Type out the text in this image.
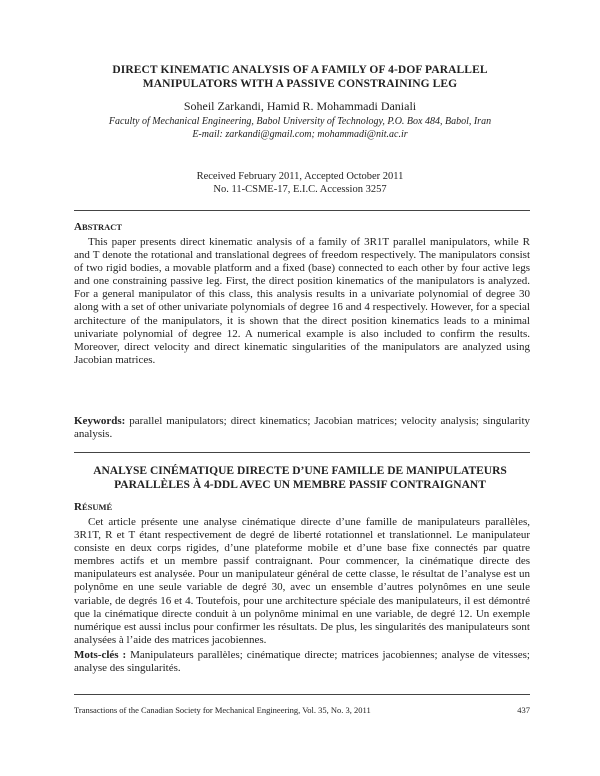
DIRECT KINEMATIC ANALYSIS OF A FAMILY OF 4-DOF PARALLEL
MANIPULATORS WITH A PASSIVE CONSTRAINING LEG
Soheil Zarkandi, Hamid R. Mohammadi Daniali
Faculty of Mechanical Engineering, Babol University of Technology, P.O. Box 484, Babol, Iran
E-mail: zarkandi@gmail.com; mohammadi@nit.ac.ir
Received February 2011, Accepted October 2011
No. 11-CSME-17, E.I.C. Accession 3257
ABSTRACT
This paper presents direct kinematic analysis of a family of 3R1T parallel manipulators, while R and T denote the rotational and translational degrees of freedom respectively. The manipulators consist of two rigid bodies, a movable platform and a fixed (base) connected to each other by four active legs and one constraining passive leg. First, the direct position kinematics of the manipulators is analyzed. For a general manipulator of this class, this analysis results in a univariate polynomial of degree 30 along with a set of other univariate polynomials of degree 16 and 4 respectively. However, for a special architecture of the manipulators, it is shown that the direct position kinematics leads to a minimal univariate polynomial of degree 12. A numerical example is also included to confirm the results. Moreover, direct velocity and direct kinematic singularities of the manipulators are analyzed using Jacobian matrices.
Keywords: parallel manipulators; direct kinematics; Jacobian matrices; velocity analysis; singularity analysis.
ANALYSE CINÉMATIQUE DIRECTE D’UNE FAMILLE DE MANIPULATEURS
PARALLÈLES À 4-DDL AVEC UN MEMBRE PASSIF CONTRAIGNANT
RÉSUMÉ
Cet article présente une analyse cinématique directe d’une famille de manipulateurs parallèles, 3R1T, R et T étant respectivement de degré de liberté rotationnel et translationnel. Le manipulateur consiste en deux corps rigides, d’une plateforme mobile et d’une base fixe connectés par quatre membres actifs et un membre passif contraignant. Pour commencer, la cinématique directe des manipulateurs est analysée. Pour un manipulateur général de cette classe, le résultat de l’analyse est un polynôme en une seule variable de degré 30, avec un ensemble d’autres polynômes en une seule variable, de degrés 16 et 4. Toutefois, pour une architecture spéciale des manipulateurs, il est démontré que la cinématique directe conduit à un polynôme minimal en une variable, de degré 12. Un exemple numérique est aussi inclus pour confirmer les résultats. De plus, les singularités des manipulateurs sont analysées à l’aide des matrices jacobiennes.
Mots-clés : Manipulateurs parallèles; cinématique directe; matrices jacobiennes; analyse de vitesses; analyse des singularités.
Transactions of the Canadian Society for Mechanical Engineering, Vol. 35, No. 3, 2011	437
